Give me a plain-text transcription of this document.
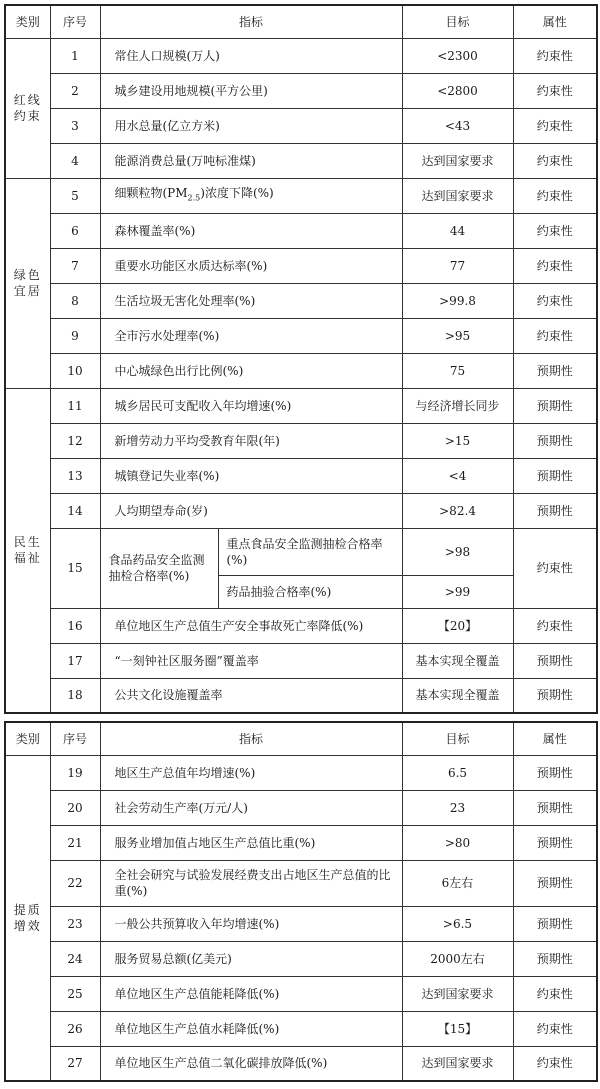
类别	序号	指标		目标	属性
红线约束	1	常住人口规模(万人)		<2300	约束性
	2	城乡建设用地规模(平方公里)		<2800	约束性
	3	用水总量(亿立方米)		<43	约束性
	4	能源消费总量(万吨标准煤)		达到国家要求	约束性
绿色宜居	5	细颗粒物$(PM_{2.5})$浓度下降(%)		达到国家要求	约束性
	6	森林覆盖率(%)		44	约束性
	7	重要水功能区水质达标率(%)		77	约束性
	8	生活垃圾无害化处理率(%)		>99.8	约束性
	9	全市污水处理率(%)		>95	约束性
	10	中心城绿色出行比例(%)		75	预期性
民生福祉	11	城乡居民可支配收入年均增速(%)		与经济增长同步	预期性
	12	新增劳动力平均受教育年限(年)		>15	预期性
	13	城镇登记失业率(%)		<4	预期性
	14	人均期望寿命(岁)		>82.4	预期性
	15	食品药品安全监测抽检合格率(%)	重点食品安全监测抽检合格率(%)	>98	约束性
			药品抽验合格率(%)	>99	
	16	单位地区生产总值生产安全事故死亡率降低(%)		【20】	约束性
	17	“一刻钟社区服务圈”覆盖率		基本实现全覆盖	预期性
	18	公共文化设施覆盖率		基本实现全覆盖	预期性
类别	序号	指标	目标	属性
提质增效	19	地区生产总值年均增速(%)	6.5	预期性
	20	社会劳动生产率(万元/人)	23	预期性
	21	服务业增加值占地区生产总值比重(%)	>80	预期性
	22	全社会研究与试验发展经费支出占地区生产总值的比重(%)	6左右	预期性
	23	一般公共预算收入年均增速(%)	>6.5	预期性
	24	服务贸易总额(亿美元)	2000左右	预期性
	25	单位地区生产总值能耗降低(%)	达到国家要求	约束性
	26	单位地区生产总值水耗降低(%)	【15】	约束性
	27	单位地区生产总值二氧化碳排放降低(%)	达到国家要求	约束性
